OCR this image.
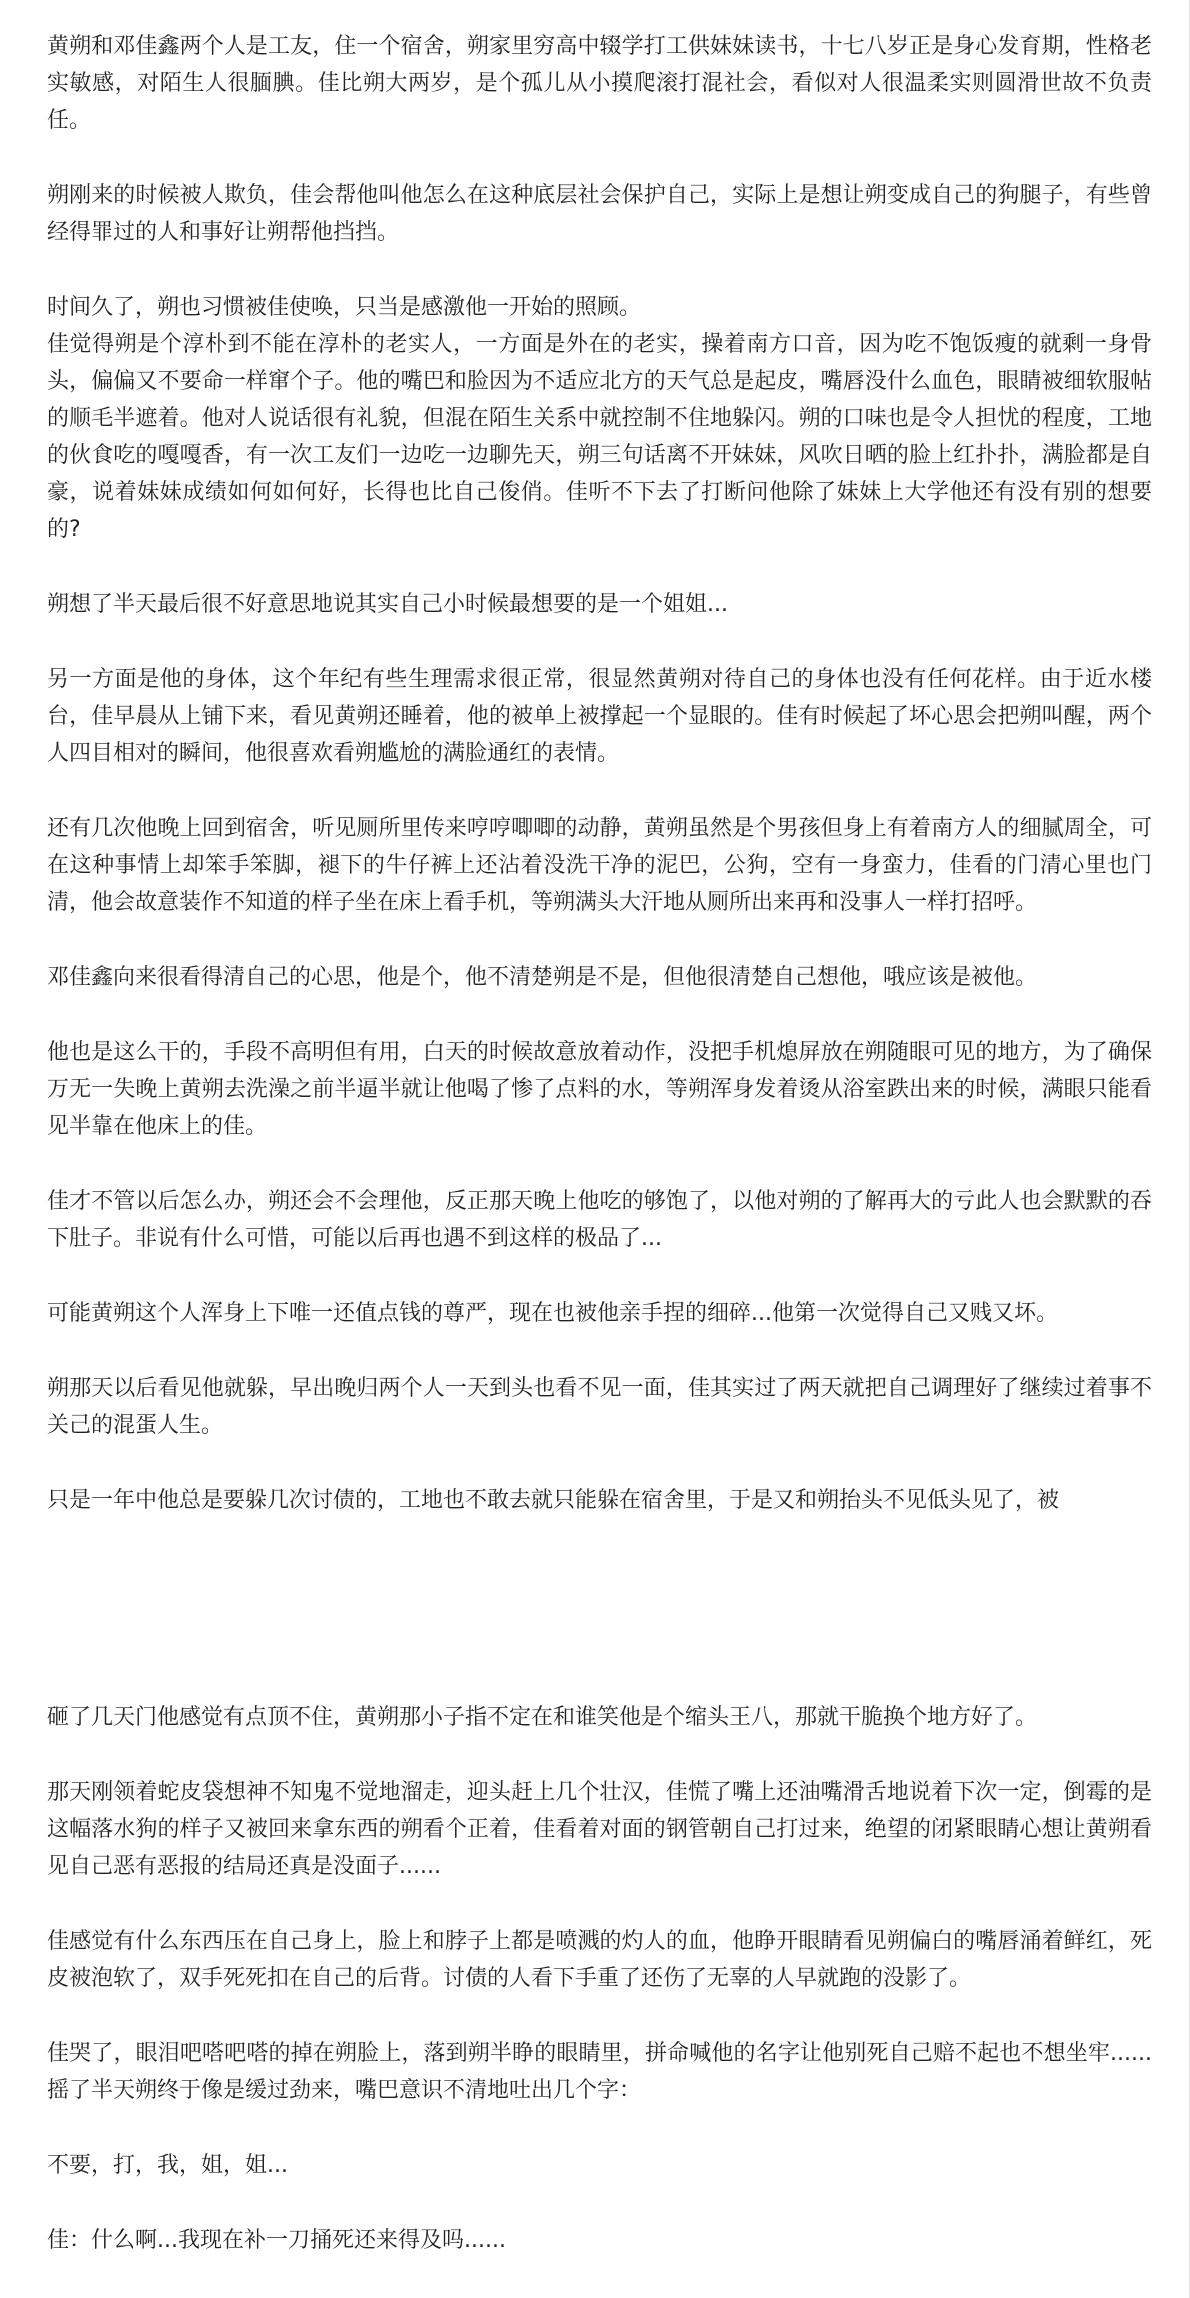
黄朔和邓佳鑫两个人是工友，住一个宿舍，朔家里穷高中辍学打工供妹妹读书，十七八岁正是身心发育期，性格老实敏感，对陌生人很腼腆。佳比朔大两岁，是个孤儿从小摸爬滚打混社会，看似对人很温柔实则圆滑世故不负责任。

朔刚来的时候被人欺负，佳会帮他叫他怎么在这种底层社会保护自己，实际上是想让朔变成自己的狗腿子，有些曾经得罪过的人和事好让朔帮他挡挡。

时间久了，朔也习惯被佳使唤，只当是感激他一开始的照顾。

佳觉得朔是个淳朴到不能在淳朴的老实人，一方面是外在的老实，操着南方口音，因为吃不饱饭瘦的就剩一身骨头，偏偏又不要命一样窜个子。他的嘴巴和脸因为不适应北方的天气总是起皮，嘴唇没什么血色，眼睛被细软服帖的顺毛半遮着。他对人说话很有礼貌，但混在陌生关系中就控制不住地躲闪。朔的口味也是令人担忧的程度，工地的伙食吃的嘎嘎香，有一次工友们一边吃一边聊先天，朔三句话离不开妹妹，风吹日晒的脸上红扑扑，满脸都是自豪，说着妹妹成绩如何如何好，长得也比自己俊俏。佳听不下去了打断问他除了妹妹上大学他还有没有别的想要的?

朔想了半天最后很不好意思地说其实自己小时候最想要的是一个姐姐...

另一方面是他的身体，这个年纪有些生理需求很正常，很显然黄朔对待自己的身体也没有任何花样。由于近水楼台，佳早晨从上铺下来，看见黄朔还睡着，他的被单上被撑起一个显眼的。佳有时候起了坏心思会把朔叫醒，两个人四目相对的瞬间，他很喜欢看朔尴尬的满脸通红的表情。

还有几次他晚上回到宿舍，听见厕所里传来哼哼唧唧的动静，黄朔虽然是个男孩但身上有着南方人的细腻周全，可在这种事情上却笨手笨脚，褪下的牛仔裤上还沾着没洗干净的泥巴，公狗，空有一身蛮力，佳看的门清心里也门清，他会故意装作不知道的样子坐在床上看手机，等朔满头大汗地从厕所出来再和没事人一样打招呼。

邓佳鑫向来很看得清自己的心思，他是个，他不清楚朔是不是，但他很清楚自己想他，哦应该是被他。

他也是这么干的，手段不高明但有用，白天的时候故意放着动作，没把手机熄屏放在朔随眼可见的地方，为了确保万无一失晚上黄朔去洗澡之前半逼半就让他喝了惨了点料的水，等朔浑身发着烫从浴室跌出来的时候，满眼只能看见半靠在他床上的佳。

佳才不管以后怎么办，朔还会不会理他，反正那天晚上他吃的够饱了，以他对朔的了解再大的亏此人也会默默的吞下肚子。非说有什么可惜，可能以后再也遇不到这样的极品了...

可能黄朔这个人浑身上下唯一还值点钱的尊严，现在也被他亲手捏的细碎...他第一次觉得自己又贱又坏。

朔那天以后看见他就躲，早出晚归两个人一天到头也看不见一面，佳其实过了两天就把自己调理好了继续过着事不关己的混蛋人生。

只是一年中他总是要躲几次讨债的，工地也不敢去就只能躲在宿舍里，于是又和朔抬头不见低头见了，被

砸了几天门他感觉有点顶不住，黄朔那小子指不定在和谁笑他是个缩头王八，那就干脆换个地方好了。

那天刚领着蛇皮袋想神不知鬼不觉地溜走，迎头赶上几个壮汉，佳慌了嘴上还油嘴滑舌地说着下次一定，倒霉的是这幅落水狗的样子又被回来拿东西的朔看个正着，佳看着对面的钢管朝自己打过来，绝望的闭紧眼睛心想让黄朔看见自己恶有恶报的结局还真是没面子......

佳感觉有什么东西压在自己身上，脸上和脖子上都是喷溅的灼人的血，他睁开眼睛看见朔偏白的嘴唇涌着鲜红，死皮被泡软了，双手死死扣在自己的后背。讨债的人看下手重了还伤了无辜的人早就跑的没影了。

佳哭了，眼泪吧嗒吧嗒的掉在朔脸上，落到朔半睁的眼睛里，拼命喊他的名字让他别死自己赔不起也不想坐牢......摇了半天朔终于像是缓过劲来，嘴巴意识不清地吐出几个字：

不要，打，我，姐，姐...

佳：什么啊...我现在补一刀捅死还来得及吗......
